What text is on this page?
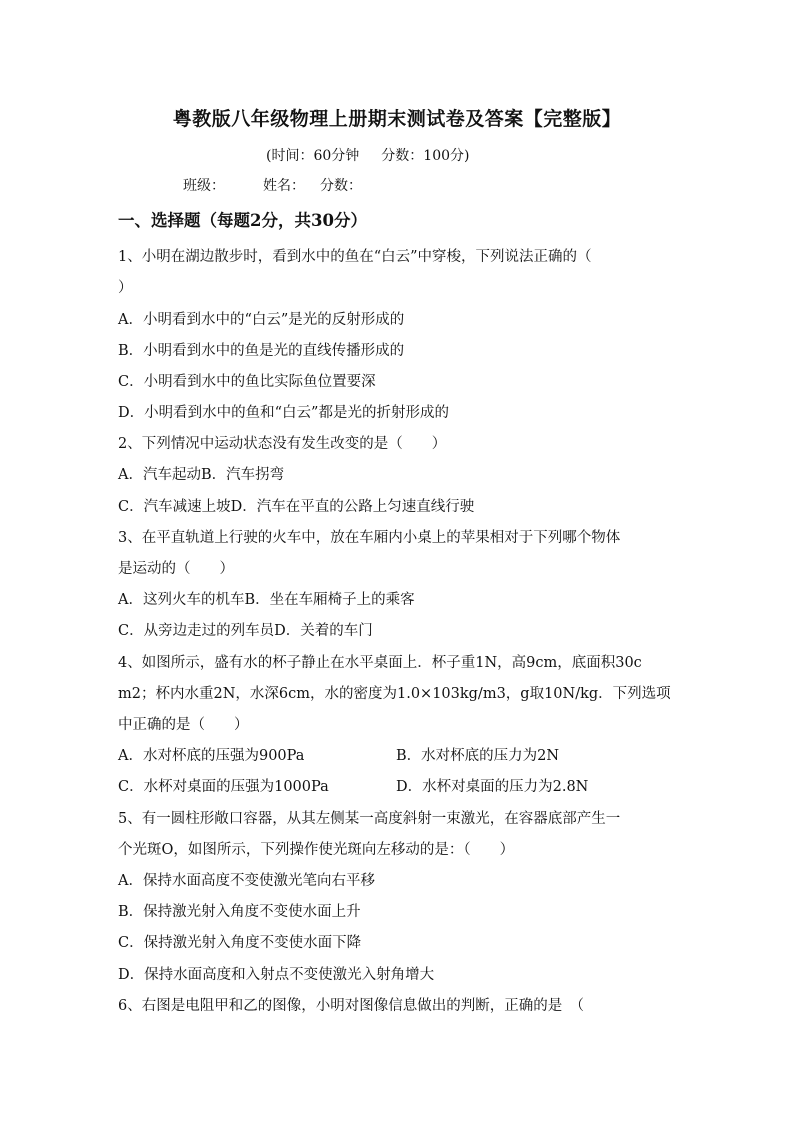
粤教版八年级物理上册期末测试卷及答案【完整版】
(时间：60分钟 分数：100分)
班级：	姓名： 分数：
一、选择题（每题2分，共30分）
1、小明在湖边散步时，看到水中的鱼在“白云”中穿梭，下列说法正确的（
）
A．小明看到水中的“白云”是光的反射形成的
B．小明看到水中的鱼是光的直线传播形成的
C．小明看到水中的鱼比实际鱼位置要深
D．小明看到水中的鱼和“白云”都是光的折射形成的
2、下列情况中运动状态没有发生改变的是（　　）
A．汽车起动B．汽车拐弯
C．汽车减速上坡D．汽车在平直的公路上匀速直线行驶
3、在平直轨道上行驶的火车中，放在车厢内小桌上的苹果相对于下列哪个物体
是运动的（　　）
A．这列火车的机车B．坐在车厢椅子上的乘客
C．从旁边走过的列车员D．关着的车门
4、如图所示，盛有水的杯子静止在水平桌面上．杯子重1N，高9cm，底面积30c
m2；杯内水重2N，水深6cm，水的密度为1.0×103kg/m3，g取10N/kg．下列选项
中正确的是（　　）
A．水对杯底的压强为900Pa	B．水对杯底的压力为2N
C．水杯对桌面的压强为1000Pa	D．水杯对桌面的压力为2.8N
5、有一圆柱形敞口容器，从其左侧某一高度斜射一束激光，在容器底部产生一
个光斑O，如图所示，下列操作使光斑向左移动的是：（　　）
A．保持水面高度不变使激光笔向右平移
B．保持激光射入角度不变使水面上升
C．保持激光射入角度不变使水面下降
D．保持水面高度和入射点不变使激光入射角增大
6、右图是电阻甲和乙的图像，小明对图像信息做出的判断，正确的是　（
